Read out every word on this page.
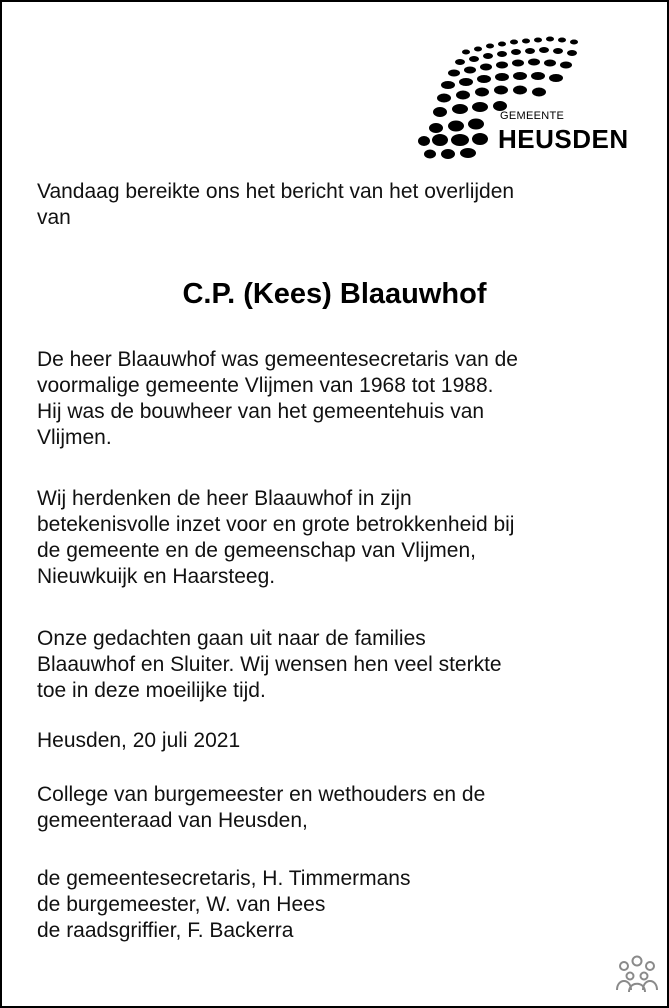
GEMEENTE
HEUSDEN
Vandaag bereikte ons het bericht van het overlijden
van
C.P. (Kees) Blaauwhof
De heer Blaauwhof was gemeentesecretaris van de
voormalige gemeente Vlijmen van 1968 tot 1988.
Hij was de bouwheer van het gemeentehuis van
Vlijmen.
Wij herdenken de heer Blaauwhof in zijn
betekenisvolle inzet voor en grote betrokkenheid bij
de gemeente en de gemeenschap van Vlijmen,
Nieuwkuijk en Haarsteeg.
Onze gedachten gaan uit naar de families
Blaauwhof en Sluiter. Wij wensen hen veel sterkte
toe in deze moeilijke tijd.
Heusden, 20 juli 2021
College van burgemeester en wethouders en de
gemeenteraad van Heusden,
de gemeentesecretaris, H. Timmermans
de burgemeester, W. van Hees
de raadsgriffier, F. Backerra
